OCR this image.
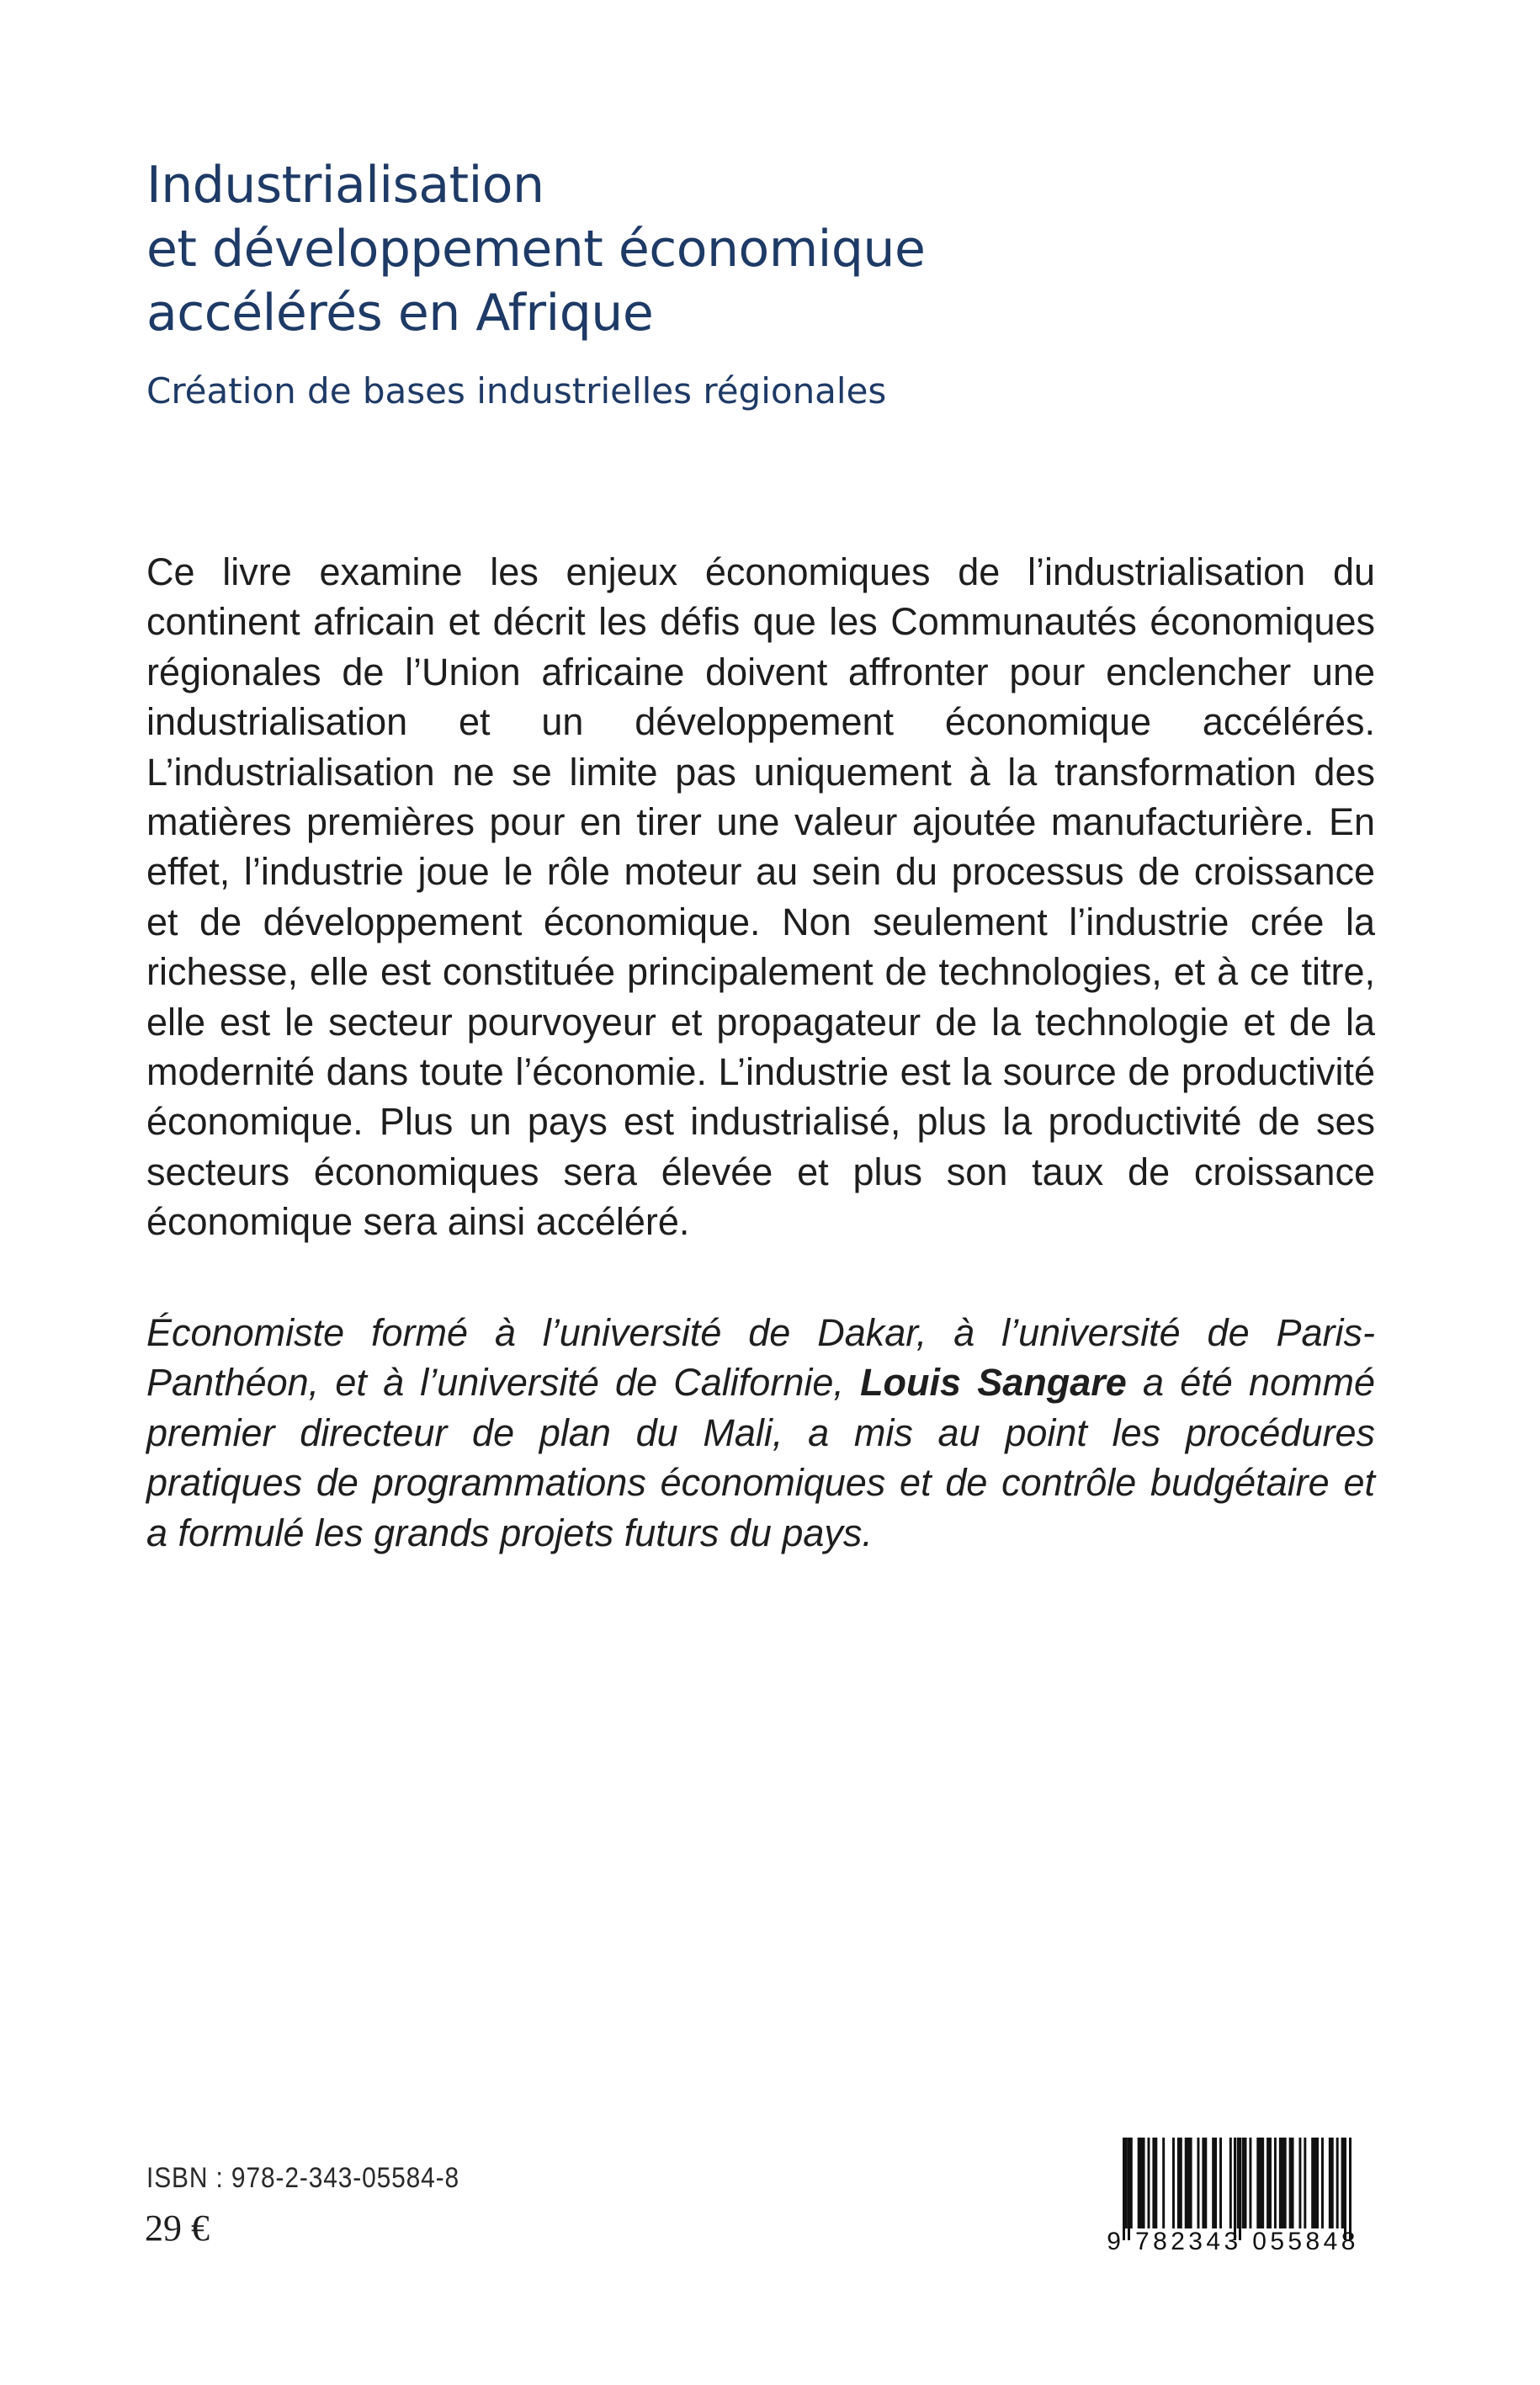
Industrialisation
et développement économique
accélérés en Afrique
Création de bases industrielles régionales

Ce livre examine les enjeux économiques de l’industrialisation du continent africain et décrit les défis que les Communautés économiques régionales de l’Union africaine doivent affronter pour enclencher une industrialisation et un développement économique accélérés. L’industrialisation ne se limite pas uniquement à la transformation des matières premières pour en tirer une valeur ajoutée manufacturière. En effet, l’industrie joue le rôle moteur au sein du processus de croissance et de développement économique. Non seulement l’industrie crée la richesse, elle est constituée principalement de technologies, et à ce titre, elle est le secteur pourvoyeur et propagateur de la technologie et de la modernité dans toute l’économie. L’industrie est la source de productivité économique. Plus un pays est industrialisé, plus la productivité de ses secteurs économiques sera élevée et plus son taux de croissance économique sera ainsi accéléré.

Économiste formé à l’université de Dakar, à l’université de Paris-Panthéon, et à l’université de Californie, Louis Sangare a été nommé premier directeur de plan du Mali, a mis au point les procédures pratiques de programmations économiques et de contrôle budgétaire et a formulé les grands projets futurs du pays.

ISBN : 978-2-343-05584-8
29 €	9 782343 055848
